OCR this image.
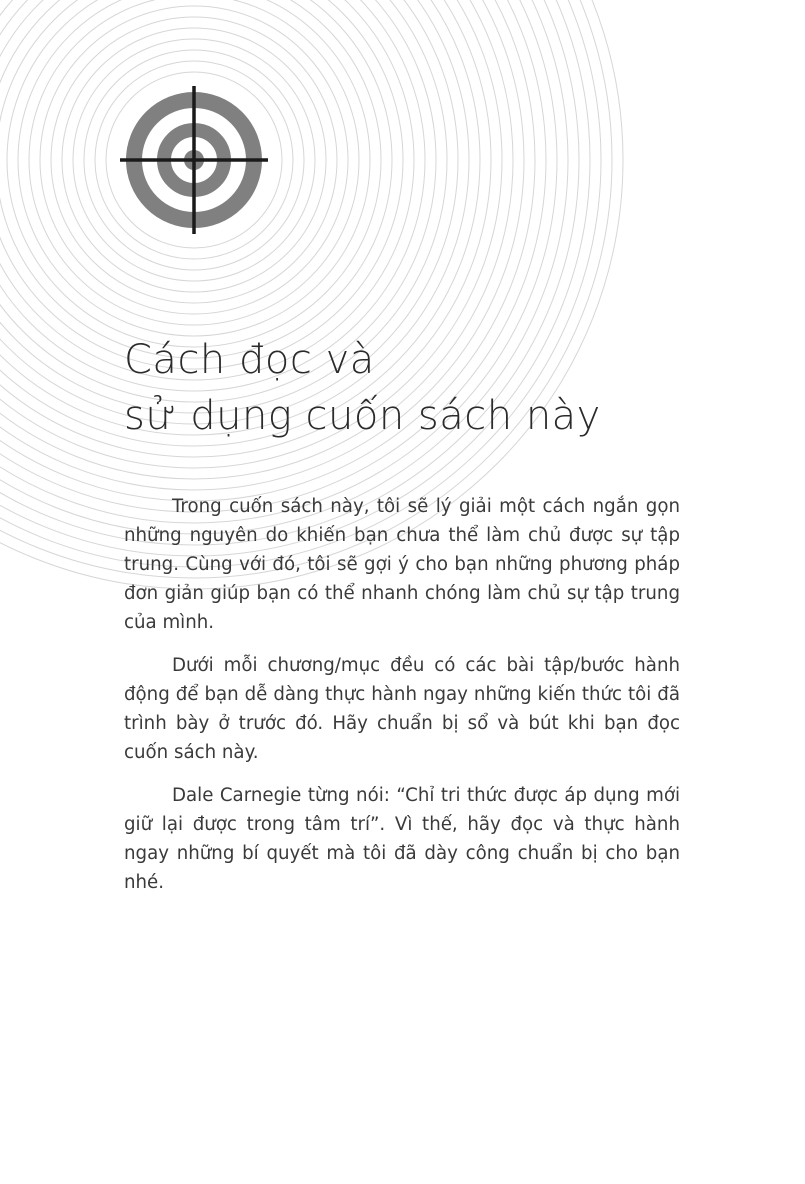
Cách đọc và
sử dụng cuốn sách này

Trong cuốn sách này, tôi sẽ lý giải một cách ngắn gọn những nguyên do khiến bạn chưa thể làm chủ được sự tập trung. Cùng với đó, tôi sẽ gợi ý cho bạn những phương pháp đơn giản giúp bạn có thể nhanh chóng làm chủ sự tập trung của mình.

Dưới mỗi chương/mục đều có các bài tập/bước hành động để bạn dễ dàng thực hành ngay những kiến thức tôi đã trình bày ở trước đó. Hãy chuẩn bị sổ và bút khi bạn đọc cuốn sách này.

Dale Carnegie từng nói: “Chỉ tri thức được áp dụng mới giữ lại được trong tâm trí”. Vì thế, hãy đọc và thực hành ngay những bí quyết mà tôi đã dày công chuẩn bị cho bạn nhé.
